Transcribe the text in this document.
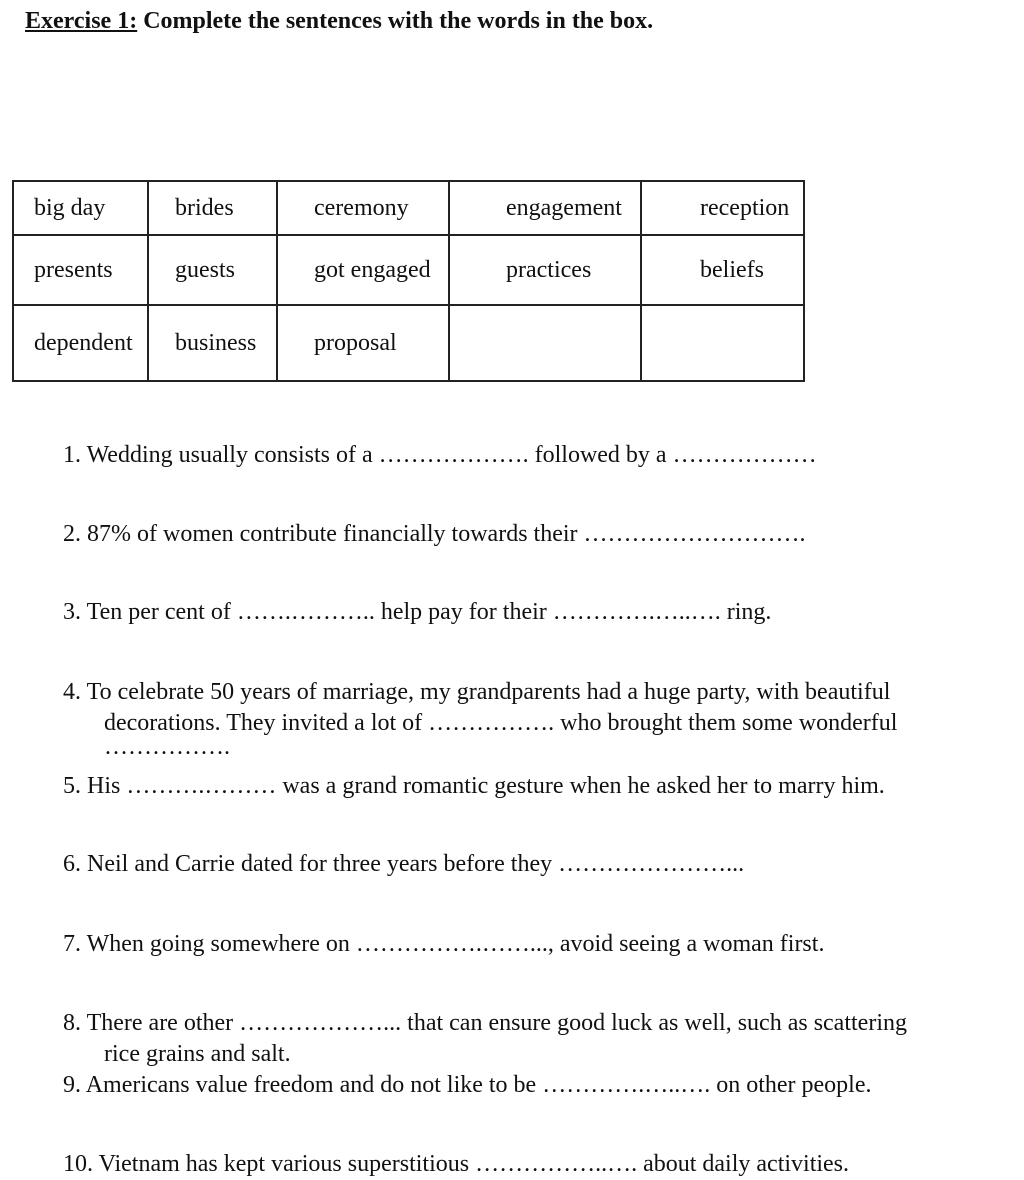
Exercise 1: Complete the sentences with the words in the box.
big day	brides	ceremony	engagement	reception
presents	guests	got engaged	practices	beliefs
dependent	business	proposal		
1. Wedding usually consists of a ………………. followed by a ………………
2. 87% of women contribute financially towards their ……………………….
3. Ten per cent of …….……….. help pay for their ………….…..…. ring.
4. To celebrate 50 years of marriage, my grandparents had a huge party, with beautiful
decorations. They invited a lot of ……………. who brought them some wonderful
…………….
5. His ……….……… was a grand romantic gesture when he asked her to marry him.
6. Neil and Carrie dated for three years before they …………………...
7. When going somewhere on …………….……..., avoid seeing a woman first.
8. There are other ………………... that can ensure good luck as well, such as scattering
rice grains and salt.
9. Americans value freedom and do not like to be ………….…..…. on other people.
10. Vietnam has kept various superstitious ……………..…. about daily activities.
